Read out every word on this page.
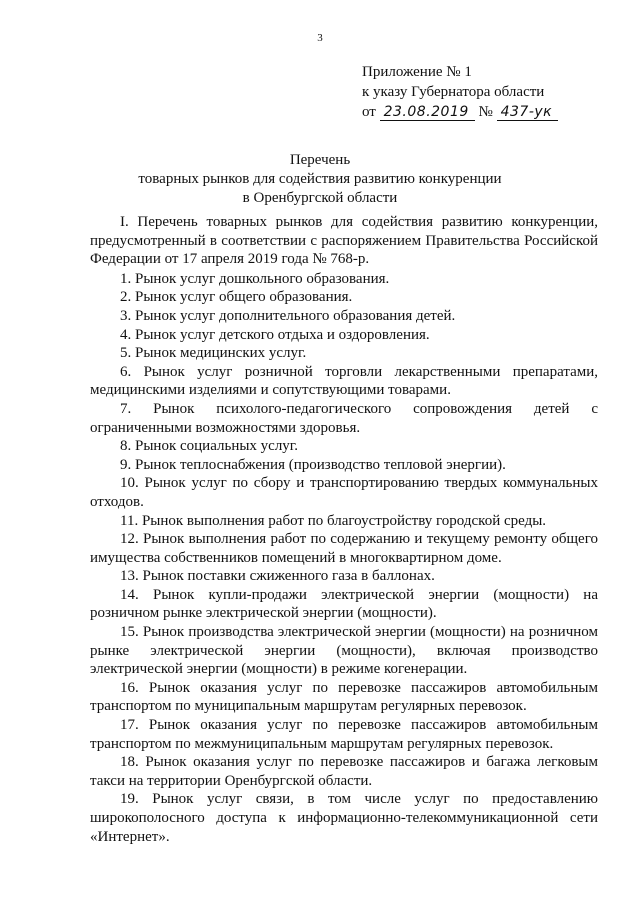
3
Приложение № 1
к указу Губернатора области
от 23.08.2019 № 437-ук
Перечень
товарных рынков для содействия развитию конкуренции
в Оренбургской области

I. Перечень товарных рынков для содействия развитию конкуренции, предусмотренный в соответствии с распоряжением Правительства Российской Федерации от 17 апреля 2019 года № 768-р.

1. Рынок услуг дошкольного образования.

2. Рынок услуг общего образования.

3. Рынок услуг дополнительного образования детей.

4. Рынок услуг детского отдыха и оздоровления.

5. Рынок медицинских услуг.

6. Рынок услуг розничной торговли лекарственными препаратами, медицинскими изделиями и сопутствующими товарами.

7. Рынок психолого-педагогического сопровождения детей с ограниченными возможностями здоровья.

8. Рынок социальных услуг.

9. Рынок теплоснабжения (производство тепловой энергии).

10. Рынок услуг по сбору и транспортированию твердых коммунальных отходов.

11. Рынок выполнения работ по благоустройству городской среды.

12. Рынок выполнения работ по содержанию и текущему ремонту общего имущества собственников помещений в многоквартирном доме.

13. Рынок поставки сжиженного газа в баллонах.

14. Рынок купли-продажи электрической энергии (мощности) на розничном рынке электрической энергии (мощности).

15. Рынок производства электрической энергии (мощности) на розничном рынке электрической энергии (мощности), включая производство электрической энергии (мощности) в режиме когенерации.

16. Рынок оказания услуг по перевозке пассажиров автомобильным транспортом по муниципальным маршрутам регулярных перевозок.

17. Рынок оказания услуг по перевозке пассажиров автомобильным транспортом по межмуниципальным маршрутам регулярных перевозок.

18. Рынок оказания услуг по перевозке пассажиров и багажа легковым такси на территории Оренбургской области.

19. Рынок услуг связи, в том числе услуг по предоставлению широкополосного доступа к информационно-телекоммуникационной сети «Интернет».
